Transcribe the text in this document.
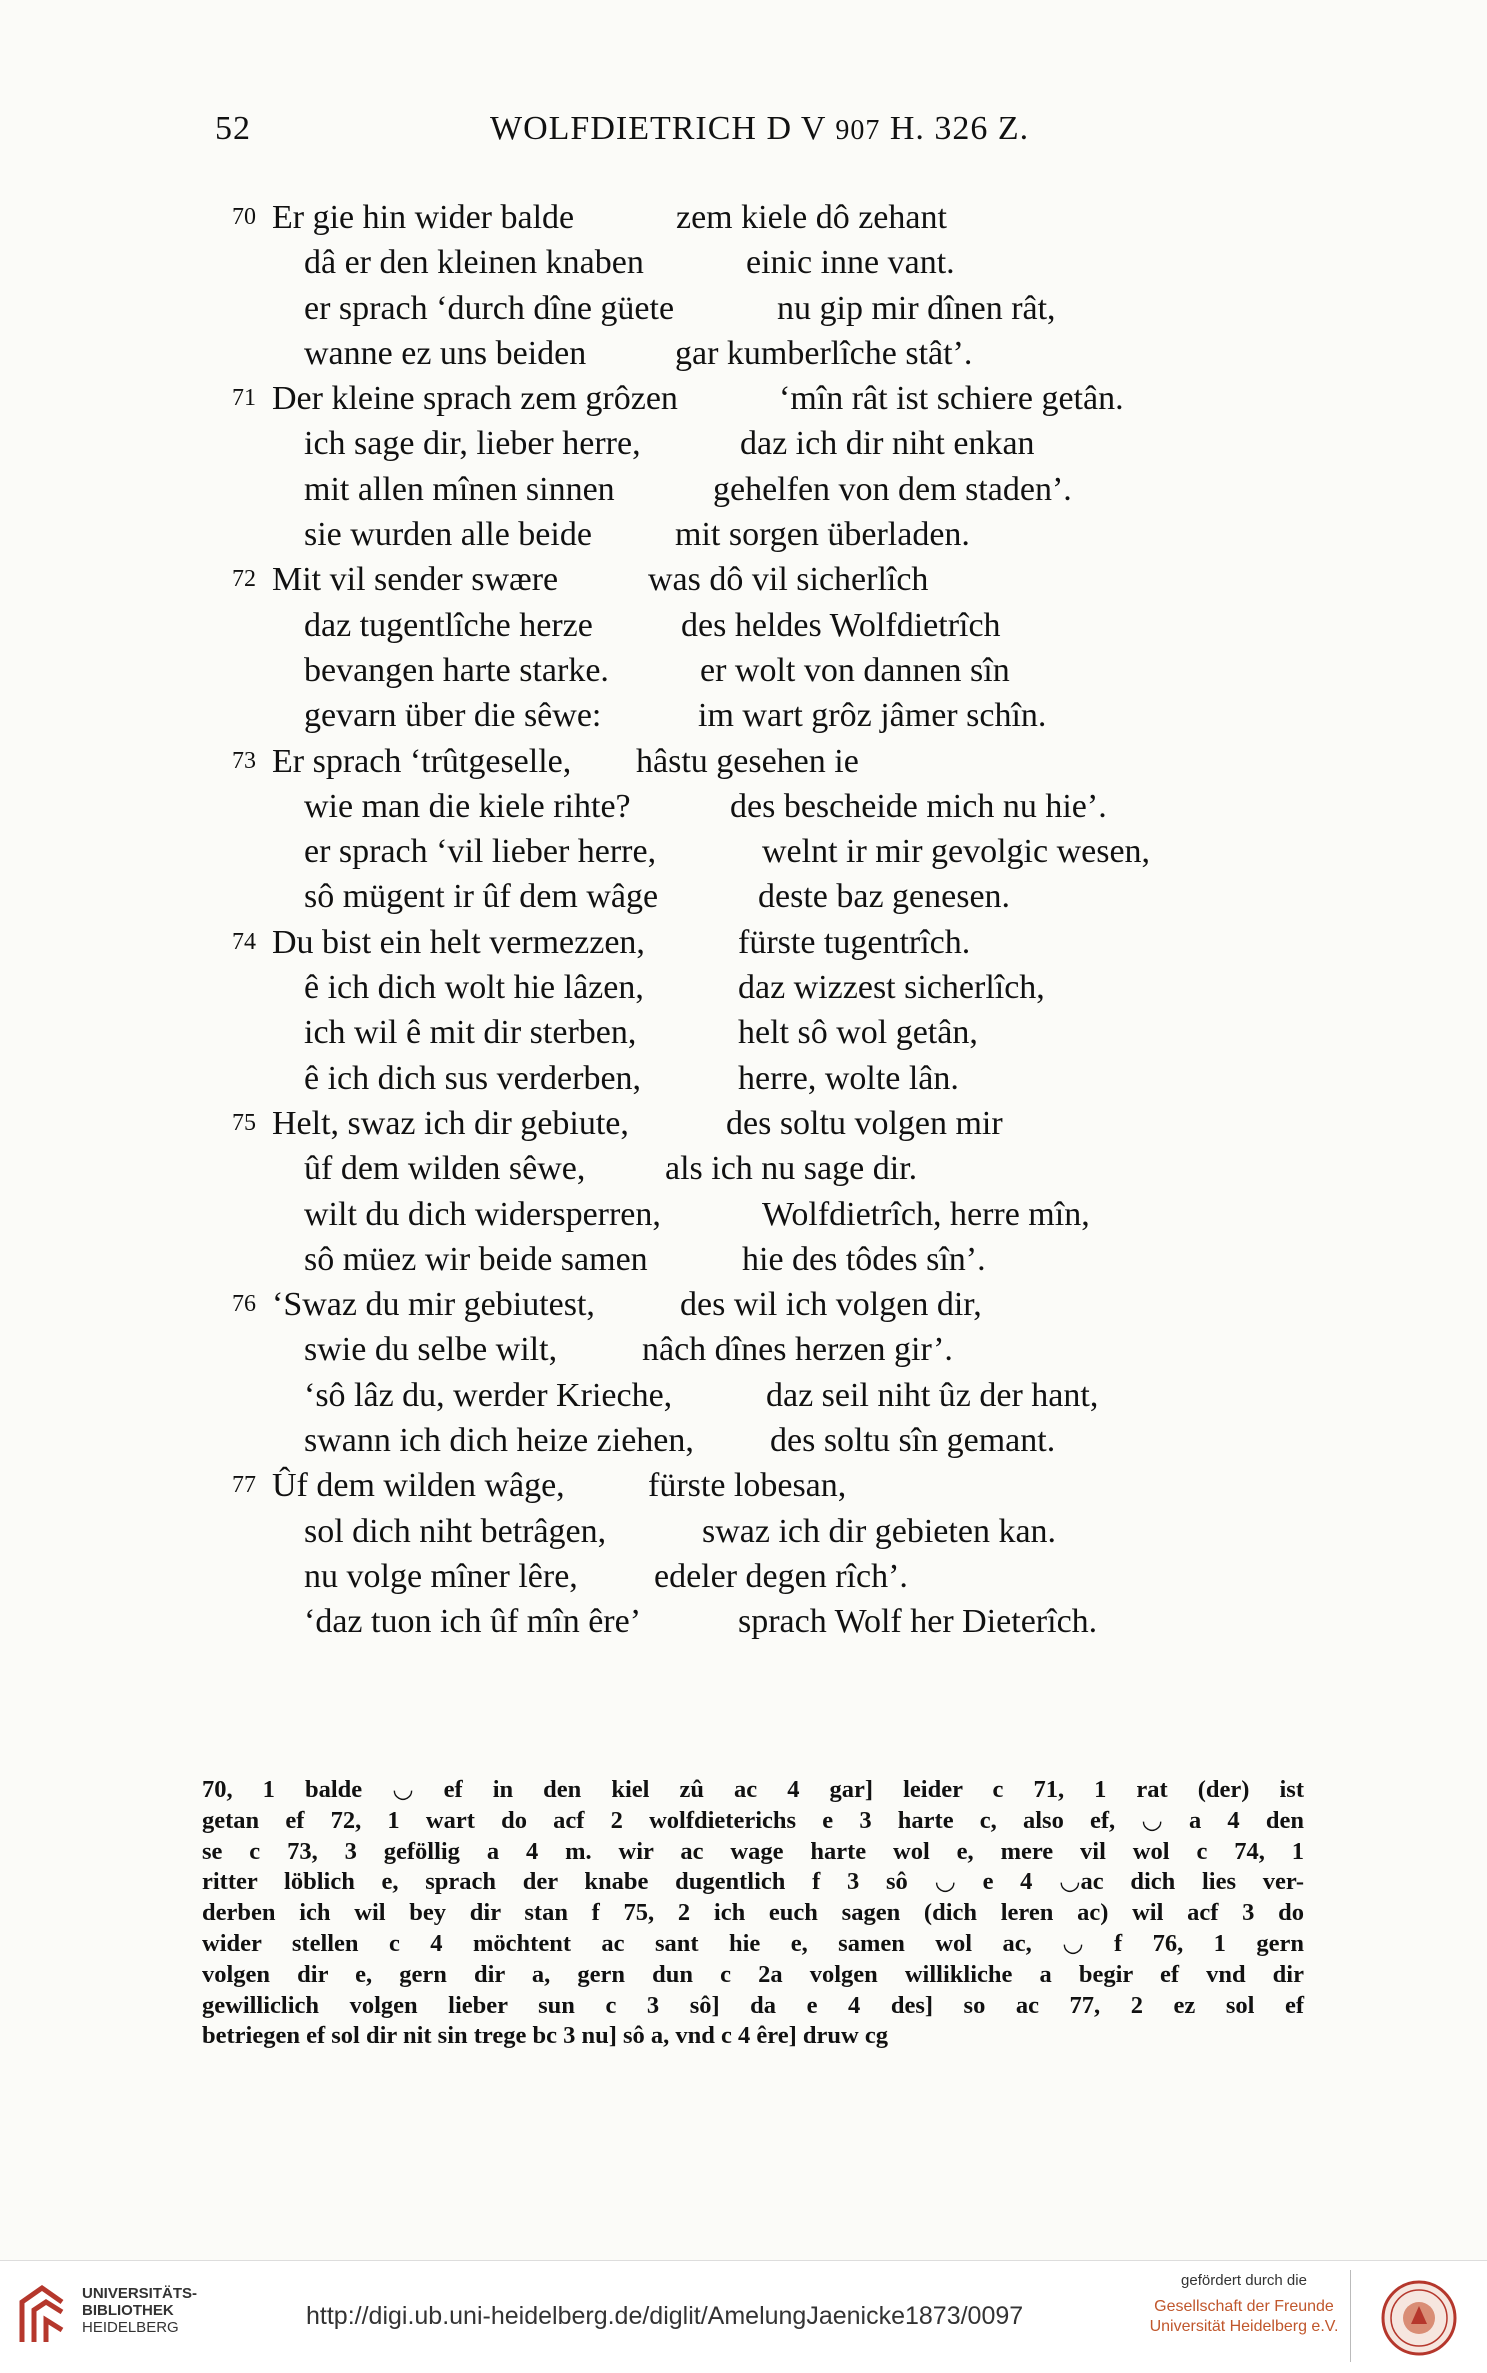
52	WOLFDIETRICH D V 907 H. 326 Z.
70 Er gie hin wider balde	zem kiele dô zehant
dâ er den kleinen knaben	einic inne vant.
er sprach ‘durch dîne güete	nu gip mir dînen rât,
wanne ez uns beiden	gar kumberlîche stât’.
71 Der kleine sprach zem grôzen	‘mîn rât ist schiere getân.
ich sage dir, lieber herre,	daz ich dir niht enkan
mit allen mînen sinnen	gehelfen von dem staden’.
sie wurden alle beide mit sorgen überladen.
72 Mit vil sender swære	was dô vil sicherlîch
daz tugentlîche herze	des heldes Wolfdietrîch
bevangen harte starke.	er wolt von dannen sîn
gevarn über die sêwe:	im wart grôz jâmer schîn.
73 Er sprach ‘trûtgeselle, hâstu gesehen ie
wie man die kiele rihte?	des bescheide mich nu hie’.
er sprach ‘vil lieber herre,	welnt ir mir gevolgic wesen,
sô mügent ir ûf dem wâge	deste baz genesen.
74 Du bist ein helt vermezzen,	fürste tugentrîch.
ê ich dich wolt hie lâzen,	daz wizzest sicherlîch,
ich wil ê mit dir sterben,	helt sô wol getân,
ê ich dich sus verderben,	herre, wolte lân.
75 Helt, swaz ich dir gebiute,	des soltu volgen mir
ûf dem wilden sêwe, als ich nu sage dir.
wilt du dich widersperren,	Wolfdietrîch, herre mîn,
sô müez wir beide samen	hie des tôdes sîn’.
76 ‘Swaz du mir gebiutest,	des wil ich volgen dir,
swie du selbe wilt, nâch dînes herzen gir’.
‘sô lâz du, werder Krieche,	daz seil niht ûz der hant,
swann ich dich heize ziehen, des soltu sîn gemant.
77 Ûf dem wilden wâge, fürste lobesan,
sol dich niht betrâgen,	swaz ich dir gebieten kan.
nu volge mîner lêre, edeler degen rîch’.
‘daz tuon ich ûf mîn êre’	sprach Wolf her Dieterîch.
70, 1 balde ◡ ef in den kiel zû ac 4 gar] leider c 71, 1 rat (der) ist
getan ef 72, 1 wart do acf 2 wolfdieterichs e 3 harte c, also ef, ◡ a 4 den
se c 73, 3 geföllig a 4 m. wir ac wage harte wol e, mere vil wol c 74, 1
ritter löblich e, sprach der knabe dugentlich f 3 sô ◡ e 4 ◡ac dich lies ver-
derben ich wil bey dir stan f 75, 2 ich euch sagen (dich leren ac) wil acf 3 do
wider stellen c 4 möchtent ac sant hie e, samen wol ac, ◡ f 76, 1 gern
volgen dir e, gern dir a, gern dun c 2a volgen willikliche a begir ef vnd dir
gewilliclich volgen lieber sun c 3 sô] da e 4 des] so ac 77, 2 ez sol ef
betriegen ef sol dir nit sin trege bc 3 nu] sô a, vnd c 4 êre] druw cg
UNIVERSITÄTS-
BIBLIOTHEK
HEIDELBERG	http://digi.ub.uni-heidelberg.de/diglit/AmelungJaenicke1873/0097
gefördert durch die
Gesellschaft der Freunde
Universität Heidelberg e.V.
